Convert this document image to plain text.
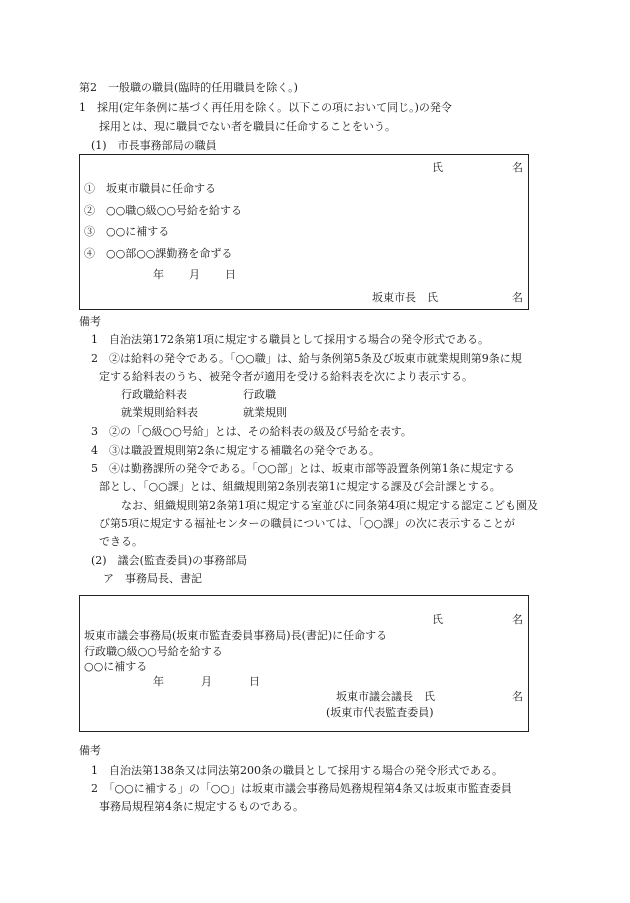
第2　一般職の職員(臨時的任用職員を除く。)
1　採用(定年条例に基づく再任用を除く。以下この項において同じ。)の発令
採用とは、現に職員でない者を職員に任命することをいう。
(1)　市長事務部局の職員
氏	名
①　坂東市職員に任命する
②　○○職○級○○号給を給する
③　○○に補する
④　○○部○○課勤務を命ずる
年 月 日
坂東市長　氏	名
備考
1　自治法第172条第1項に規定する職員として採用する場合の発令形式である。
2　②は給料の発令である。「○○職」は、給与条例第5条及び坂東市就業規則第9条に規
定する給料表のうち、被発令者が適用を受ける給料表を次により表示する。
行政職給料表	行政職
就業規則給料表	就業規則
3　②の「○級○○号給」とは、その給料表の級及び号給を表す。
4　③は職設置規則第2条に規定する補職名の発令である。
5　④は勤務課所の発令である。「○○部」とは、坂東市部等設置条例第1条に規定する
部とし、「○○課」とは、組織規則第2条別表第1に規定する課及び会計課とする。
なお、組織規則第2条第1項に規定する室並びに同条第4項に規定する認定こども園及
び第5項に規定する福祉センターの職員については、「○○課」の次に表示することが
できる。
(2)　議会(監査委員)の事務部局
ア　事務局長、書記
氏	名
坂東市議会事務局(坂東市監査委員事務局)長(書記)に任命する
行政職○級○○号給を給する
○○に補する
年	月	日
坂東市議会議長　氏	名
(坂東市代表監査委員)
備考
1　自治法第138条又は同法第200条の職員として採用する場合の発令形式である。
2　「○○に補する」の「○○」は坂東市議会事務局処務規程第4条又は坂東市監査委員
事務局規程第4条に規定するものである。
